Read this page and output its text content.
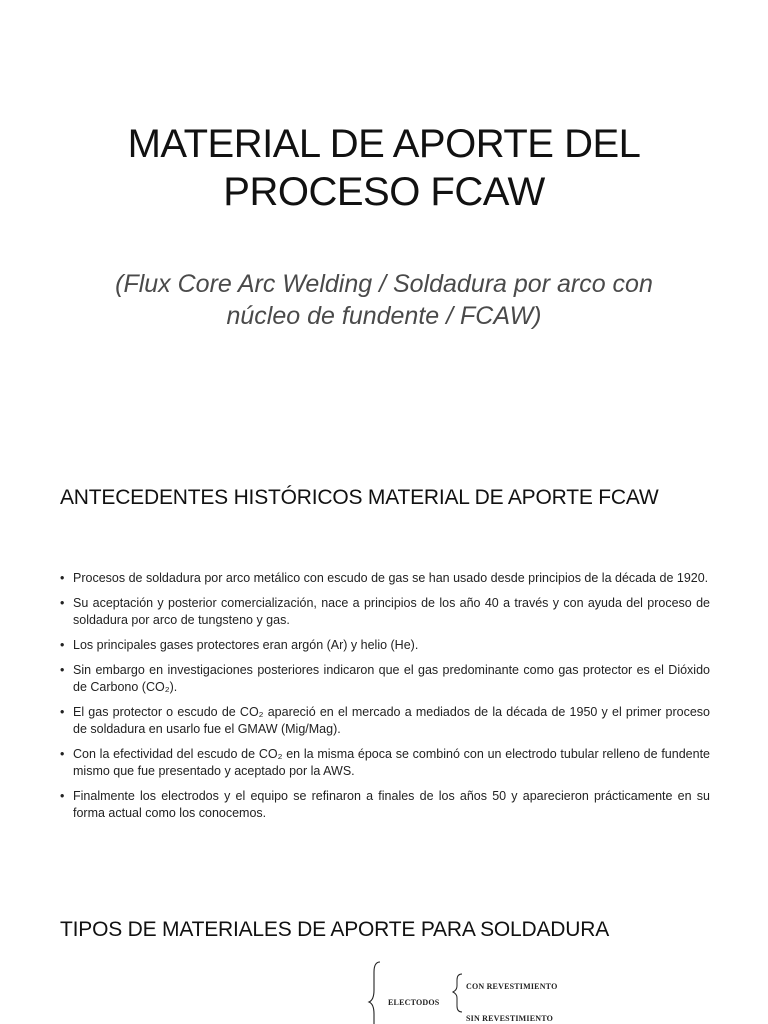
MATERIAL DE APORTE DEL
PROCESO FCAW
(Flux Core Arc Welding / Soldadura por arco con
núcleo de fundente / FCAW)
ANTECEDENTES HISTÓRICOS MATERIAL DE APORTE FCAW
• Procesos de soldadura por arco metálico con escudo de gas se han usado desde principios de la década de 1920.
• Su aceptación y posterior comercialización, nace a principios de los año 40 a través y con ayuda del proceso de soldadura por arco de tungsteno y gas.
• Los principales gases protectores eran argón (Ar) y helio (He).
• Sin embargo en investigaciones posteriores indicaron que el gas predominante como gas protector es el Dióxido de Carbono (CO₂).
• El gas protector o escudo de CO₂ apareció en el mercado a mediados de la década de 1950 y el primer proceso de soldadura en usarlo fue el GMAW (Mig/Mag).
• Con la efectividad del escudo de CO₂ en la misma época se combinó con un electrodo tubular relleno de fundente mismo que fue presentado y aceptado por la AWS.
• Finalmente los electrodos y el equipo se refinaron a finales de los años 50 y aparecieron prácticamente en su forma actual como los conocemos.
TIPOS DE MATERIALES DE APORTE PARA SOLDADURA
ELECTODOS
CON REVESTIMIENTO
SIN REVESTIMIENTO
